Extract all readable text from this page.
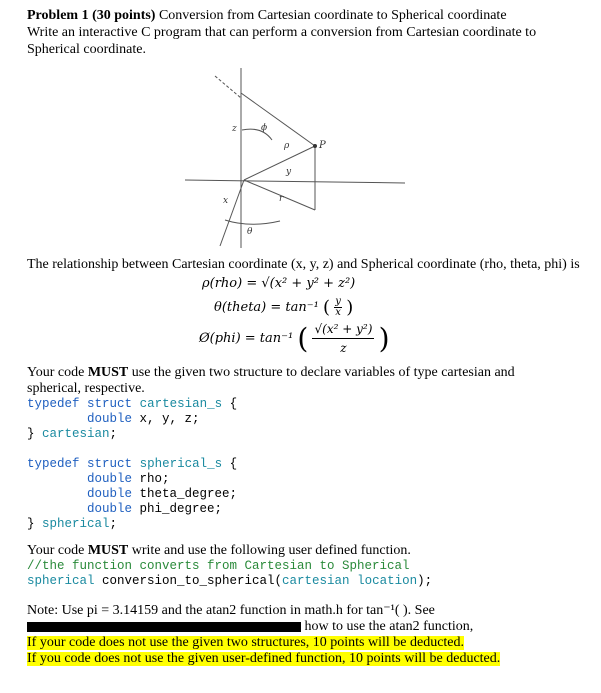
Problem 1 (30 points) Conversion from Cartesian coordinate to Spherical coordinate
Write an interactive C program that can perform a conversion from Cartesian coordinate to
Spherical coordinate.
z	ϕ
ρ	P
y
r
x
θ
The relationship between Cartesian coordinate (x, y, z) and Spherical coordinate (rho, theta, phi) is
ρ(rho) = √(x² + y² + z²)
θ(theta) = tan⁻¹ ( $\frac{y}{x}$ )
Ø(phi) = tan⁻¹ ( $\frac{\text{√(x² + y²)}}{z}$ )
Your code MUST use the given two structure to declare variables of type cartesian and
spherical, respective.
typedef struct cartesian_s {
double x, y, z;
} cartesian;
typedef struct spherical_s {
double rho;
double theta_degree;
double phi_degree;
} spherical;
Your code MUST write and use the following user defined function.
//the function converts from Cartesian to Spherical
spherical conversion_to_spherical(cartesian location);
Note: Use pi = 3.14159 and the atan2 function in math.h for tan⁻¹( ). See
how to use the atan2 function,
If your code does not use the given two structures, 10 points will be deducted.
If you code does not use the given user-defined function, 10 points will be deducted.
